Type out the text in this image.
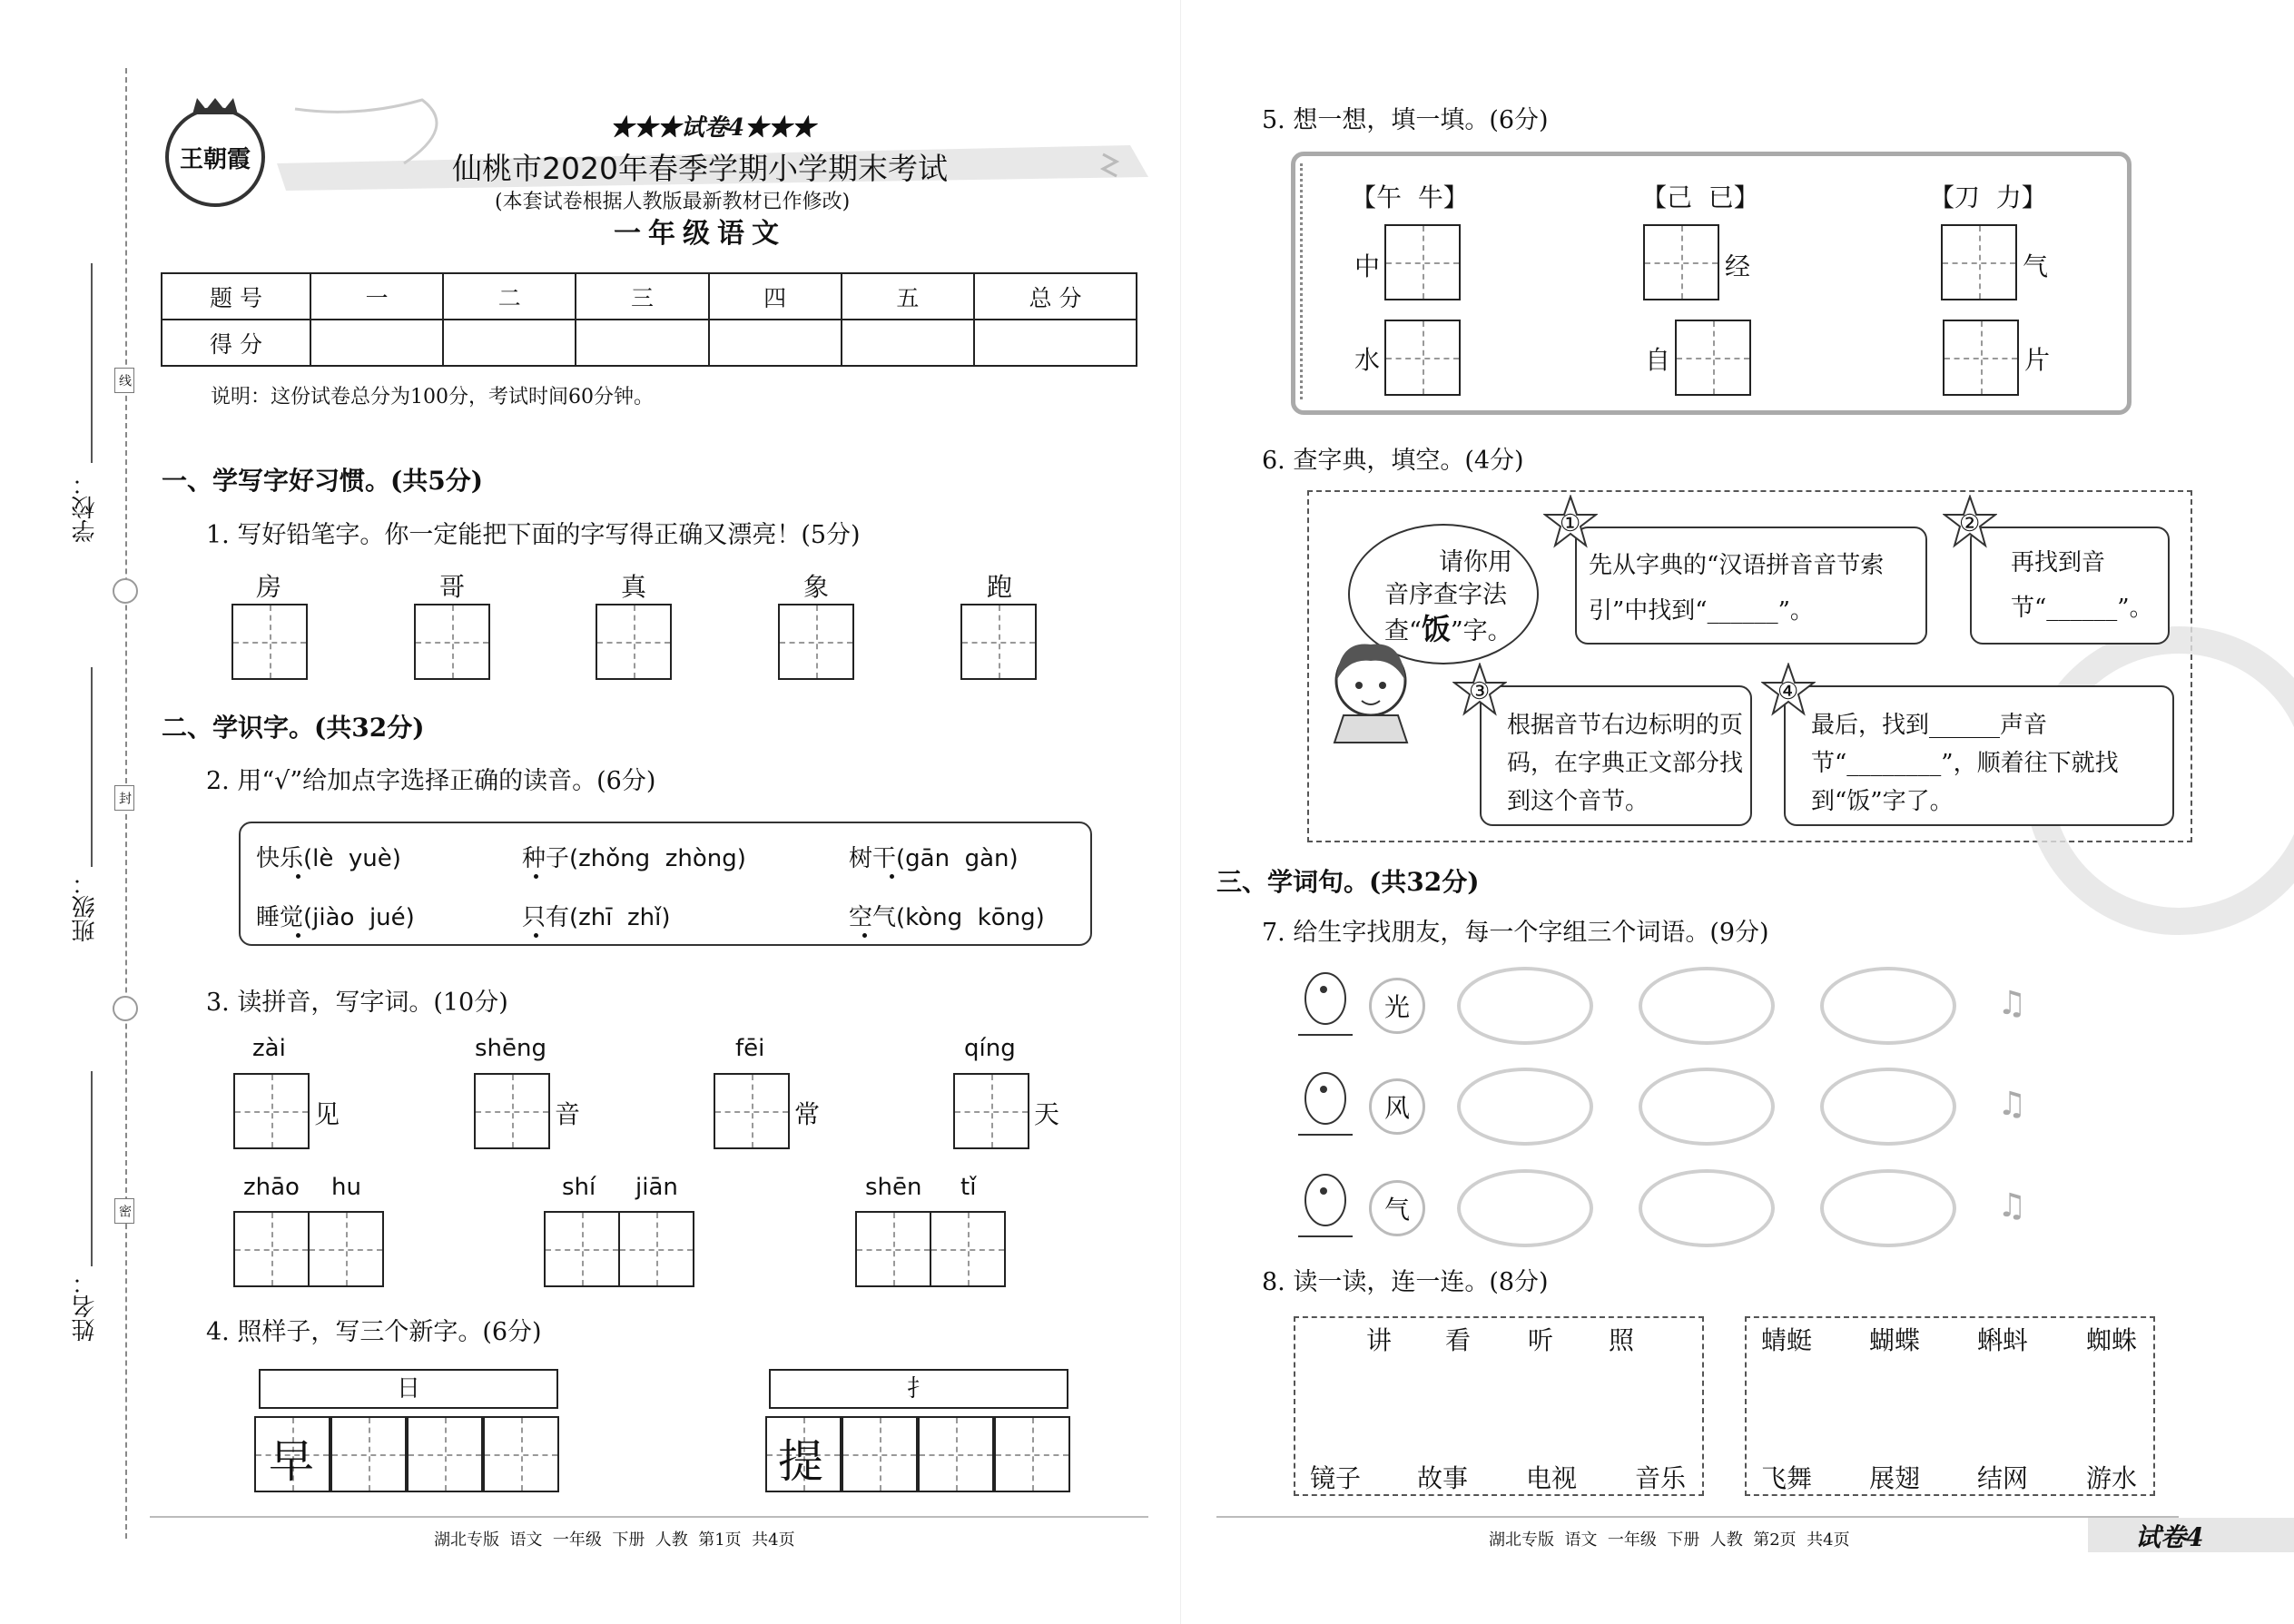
学校：
班级：
姓名：
线
封
密
王朝霞
★★★试卷4★★★
仙桃市2020年春季学期小学期末考试
(本套试卷根据人教版最新教材已作修改)
一年级语文
题 号	一	二	三	四	五	总 分
得 分						
说明：这份试卷总分为100分，考试时间60分钟。
一、学写字好习惯。(共5分)
1. 写好铅笔字。你一定能把下面的字写得正确又漂亮！(5分)
房	哥	真	象	跑
二、学识字。(共32分)
2. 用“√”给加点字选择正确的读音。(6分)
快乐(lè  yuè)	种子(zhǒng  zhòng)	树干(gān  gàn)
睡觉(jiào  jué)	只有(zhī  zhǐ)	空气(kòng  kōng)
3. 读拼音，写字词。(10分)
zài
见
shēng
音
fēi
常
qíng
天
zhāo hu	shí jiān	shēn tǐ
4. 照样子，写三个新字。(6分)
日
早
扌
提
湖北专版  语文  一年级  下册  人教  第1页  共4页
5. 想一想，填一填。(6分)
【午  牛】	【己  已】	【刀  力】
中
水
经
自
气
片
6. 查字典，填空。(4分)
请你用
音序查字法
查“饭”字。
①
先从字典的“汉语拼音音节索引”中找到“______”。
②
再找到音节“______”。
③
根据音节右边标明的页码，在字典正文部分找到这个音节。
④
最后，找到______声音节“________”，顺着往下就找到“饭”字了。
三、学词句。(共32分)
7. 给生字找朋友，每一个字组三个词语。(9分)
光	♫
风	♫
气	♫
8. 读一读，连一连。(8分)
讲 看 听 照
镜子 故事 电视 音乐
蜻蜓 蝴蝶 蝌蚪 蜘蛛
飞舞 展翅 结网 游水
湖北专版  语文  一年级  下册  人教  第2页  共4页	试卷4
